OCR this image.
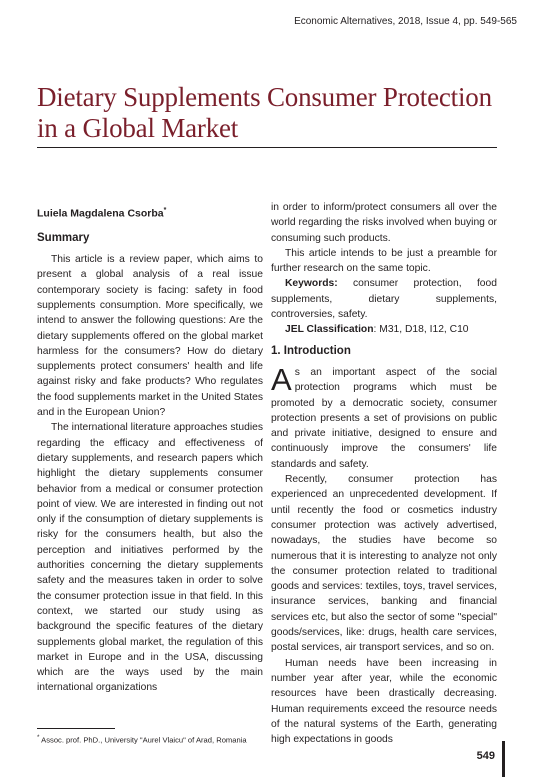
Economic Alternatives, 2018, Issue 4, pp. 549-565
Dietary Supplements Consumer Protection in a Global Market
Luiela Magdalena Csorba*
Summary

This article is a review paper, which aims to present a global analysis of a real issue contemporary society is facing: safety in food supplements consumption. More specifically, we intend to answer the following questions: Are the dietary supplements offered on the global market harmless for the consumers? How do dietary supplements protect consumers' health and life against risky and fake products? Who regulates the food supplements market in the United States and in the European Union?

The international literature approaches studies regarding the efficacy and effectiveness of dietary supplements, and research papers which highlight the dietary supplements consumer behavior from a medical or consumer protection point of view. We are interested in finding out not only if the consumption of dietary supplements is risky for the consumers health, but also the perception and initiatives performed by the authorities concerning the dietary supplements safety and the measures taken in order to solve the consumer protection issue in that field. In this context, we started our study using as background the specific features of the dietary supplements global market, the regulation of this market in Europe and in the USA, discussing which are the ways used by the main international organizations

in order to inform/protect consumers all over the world regarding the risks involved when buying or consuming such products.

This article intends to be just a preamble for further research on the same topic.

Keywords: consumer protection, food supplements, dietary supplements, controversies, safety.

JEL Classification: M31, D18, I12, C10

1. Introduction

As an important aspect of the social protection programs which must be promoted by a democratic society, consumer protection presents a set of provisions on public and private initiative, designed to ensure and continuously improve the consumers' life standards and safety.

Recently, consumer protection has experienced an unprecedented development. If until recently the food or cosmetics industry consumer protection was actively advertised, nowadays, the studies have become so numerous that it is interesting to analyze not only the consumer protection related to traditional goods and services: textiles, toys, travel services, insurance services, banking and financial services etc, but also the sector of some "special" goods/services, like: drugs, health care services, postal services, air transport services, and so on.

Human needs have been increasing in number year after year, while the economic resources have been drastically decreasing. Human requirements exceed the resource needs of the natural systems of the Earth, generating high expectations in goods

* Assoc. prof. PhD., University "Aurel Vlaicu" of Arad, Romania
549
